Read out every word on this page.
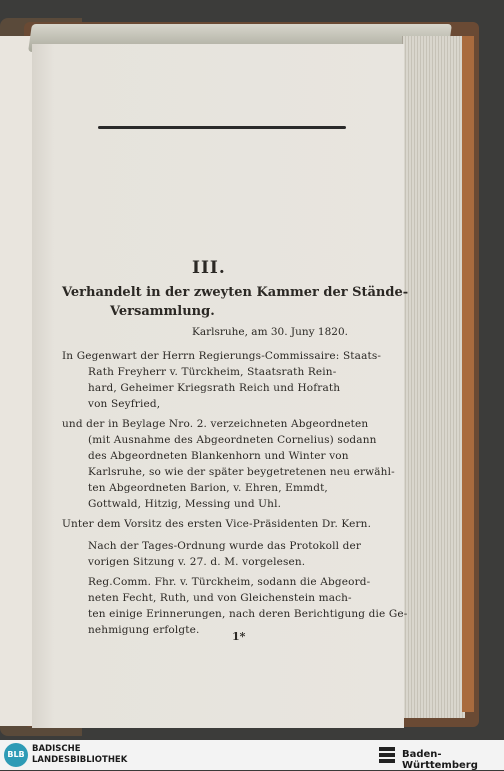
III.
Verhandelt in der zweyten Kammer der Stände-
Versammlung.
Karlsruhe, am 30. Juny 1820.
In Gegenwart der Herrn Regierungs-Commissaire: Staats-
Rath Freyherr v. Türckheim, Staatsrath Rein-
hard, Geheimer Kriegsrath Reich und Hofrath
von Seyfried,
und der in Beylage Nro. 2. verzeichneten Abgeordneten
(mit Ausnahme des Abgeordneten Cornelius) sodann
des Abgeordneten Blankenhorn und Winter von
Karlsruhe, so wie der später beygetretenen neu erwähl-
ten Abgeordneten Barion, v. Ehren, Emmdt,
Gottwald, Hitzig, Messing und Uhl.
Unter dem Vorsitz des ersten Vice-Präsidenten Dr. Kern.
Nach der Tages-Ordnung wurde das Protokoll der
vorigen Sitzung v. 27. d. M. vorgelesen.
Reg.Comm. Fhr. v. Türckheim, sodann die Abgeord-
neten Fecht, Ruth, und von Gleichenstein mach-
ten einige Erinnerungen, nach deren Berichtigung die Ge-
nehmigung erfolgte.	1*
BLB
BADISCHE
LANDESBIBLIOTHEK	Baden-Württemberg
